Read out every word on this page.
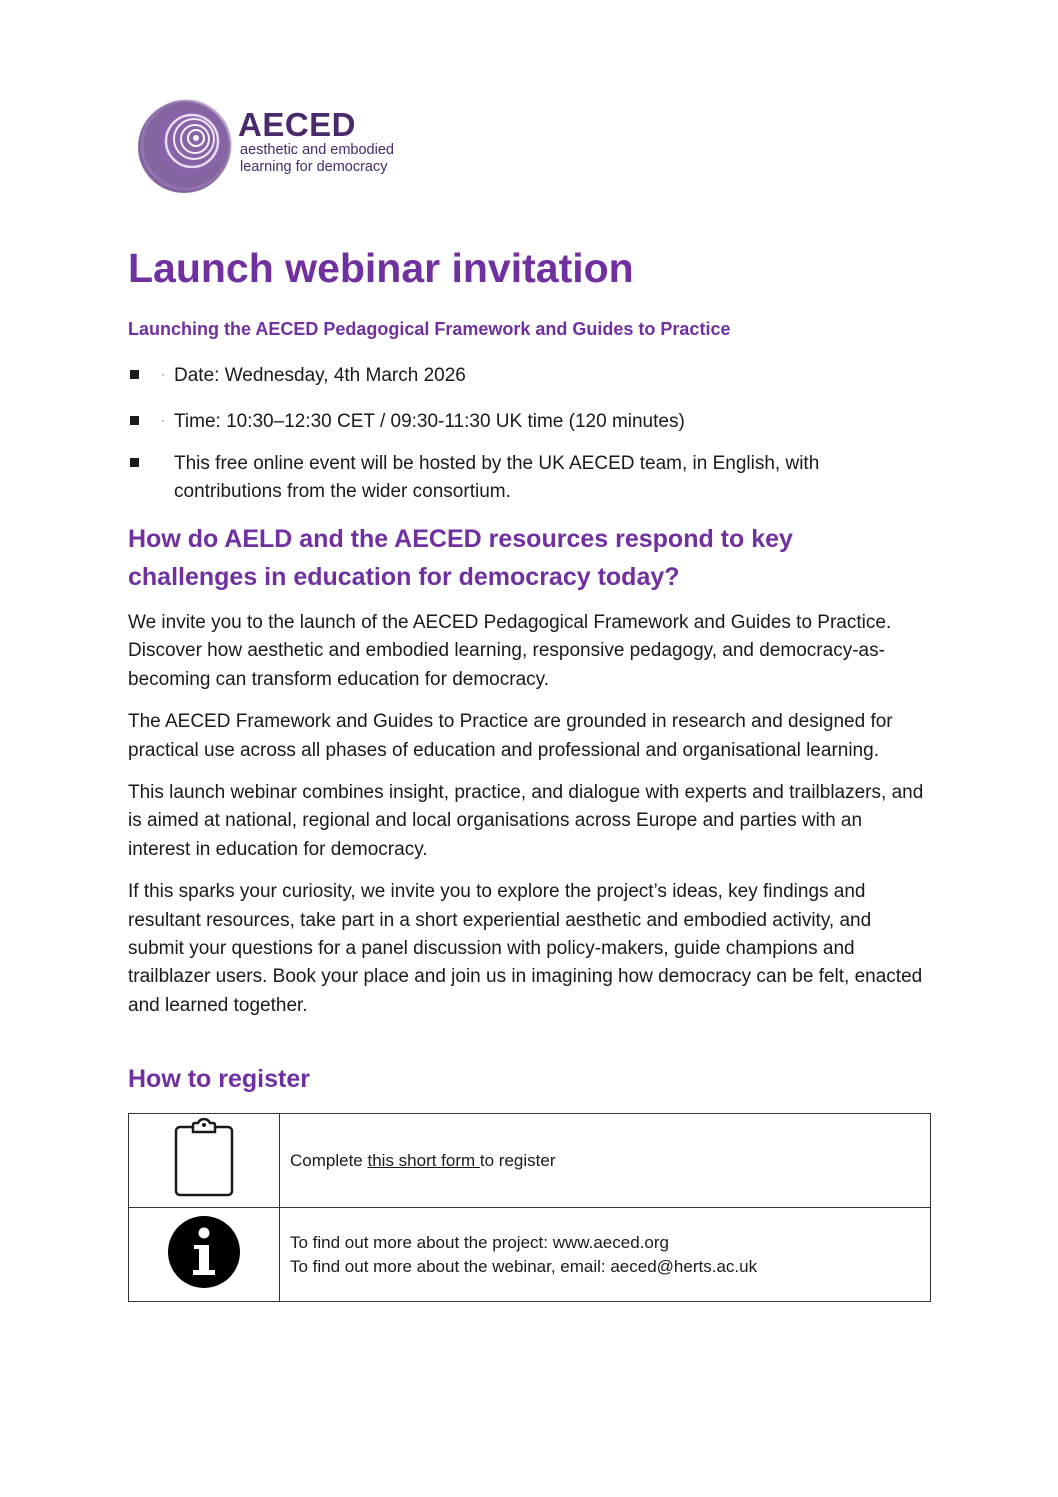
AECED
aesthetic and embodied
learning for democracy
Launch webinar invitation
Launching the AECED Pedagogical Framework and Guides to Practice
· Date: Wednesday, 4th March 2026
· Time: 10:30–12:30 CET / 09:30-11:30 UK time (120 minutes)
This free online event will be hosted by the UK AECED team, in English, with contributions from the wider consortium.
How do AELD and the AECED resources respond to key challenges in education for democracy today?

We invite you to the launch of the AECED Pedagogical Framework and Guides to Practice. Discover how aesthetic and embodied learning, responsive pedagogy, and democracy-as-becoming can transform education for democracy.

The AECED Framework and Guides to Practice are grounded in research and designed for practical use across all phases of education and professional and organisational learning.

This launch webinar combines insight, practice, and dialogue with experts and trailblazers, and is aimed at national, regional and local organisations across Europe and parties with an interest in education for democracy.

If this sparks your curiosity, we invite you to explore the project’s ideas, key findings and resultant resources, take part in a short experiential aesthetic and embodied activity, and submit your questions for a panel discussion with policy-makers, guide champions and trailblazer users. Book your place and join us in imagining how democracy can be felt, enacted and learned together.

How to register
	Complete this short form to register

To find out more about the project: www.aeced.org
To find out more about the webinar, email: aeced@herts.ac.uk
